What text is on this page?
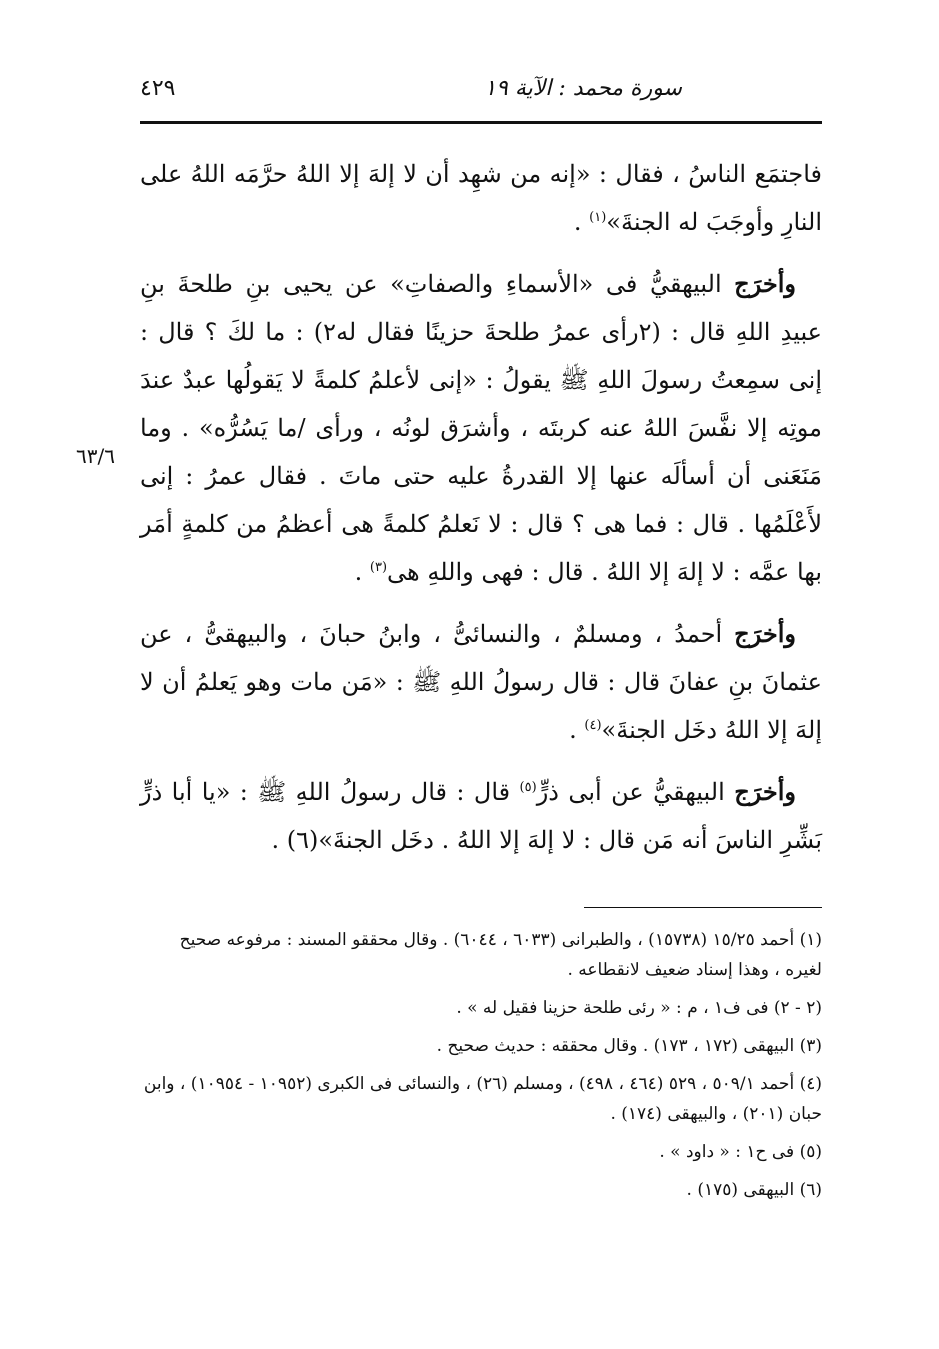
سورة محمد : الآية ١٩
٤٢٩
٦٣/٦

فاجتمَع الناسُ ، فقال : «إنه من شهِد أن لا إلهَ إلا اللهُ حرَّمَه اللهُ على النارِ وأوجَبَ له الجنةَ»$^{(١)}$ .

وأخرَج البيهقيُّ فى «الأسماءِ والصفاتِ» عن يحيى بنِ طلحةَ بنِ عبيدِ اللهِ قال : (٢رأى عمرُ طلحةَ حزينًا فقال له٢) : ما لكَ ؟ قال : إنى سمِعتُ رسولَ اللهِ ﷺ يقولُ : «إنى لأعلمُ كلمةً لا يَقولُها عبدٌ عندَ موتِه إلا نفَّسَ اللهُ عنه كربتَه ، وأشرَق لونُه ، ورأى /ما يَسُرُّه» . وما مَنَعَنى أن أسألَه عنها إلا القدرةُ عليه حتى ماتَ . فقال عمرُ : إنى لأَعْلَمُها . قال : فما هى ؟ قال : لا نَعلمُ كلمةً هى أعظمُ من كلمةٍ أمَر بها عمَّه : لا إلهَ إلا اللهُ . قال : فهى واللهِ هى$^{(٣)}$ .

وأخرَج أحمدُ ، ومسلمٌ ، والنسائىُّ ، وابنُ حبانَ ، والبيهقىُّ ، عن عثمانَ بنِ عفانَ قال : قال رسولُ اللهِ ﷺ : «مَن مات وهو يَعلمُ أن لا إلهَ إلا اللهُ دخَل الجنةَ»$^{(٤)}$ .

وأخرَج البيهقيُّ عن أبى ذرٍّ$^{(٥)}$ قال : قال رسولُ اللهِ ﷺ : «يا أبا ذرٍّ بَشِّرِ الناسَ أنه مَن قال : لا إلهَ إلا اللهُ . دخَل الجنةَ»(٦) .

(١) أحمد ١٥/٢٥ (١٥٧٣٨) ، والطبرانى (٦٠٣٣ ، ٦٠٤٤) . وقال محققو المسند : مرفوعه صحيح لغيره ، وهذا إسناد ضعيف لانقطاعه .
(٢ - ٢) فى ف١ ، م : « رئى طلحة حزينا فقيل له » .
(٣) البيهقى (١٧٢ ، ١٧٣) . وقال محققه : حديث صحيح .
(٤) أحمد ٥٠٩/١ ، ٥٢٩ (٤٦٤ ، ٤٩٨) ، ومسلم (٢٦) ، والنسائى فى الكبرى (١٠٩٥٢ - ١٠٩٥٤) ، وابن حبان (٢٠١) ، والبيهقى (١٧٤) .
(٥) فى ح١ : « داود » .
(٦) البيهقى (١٧٥) .
